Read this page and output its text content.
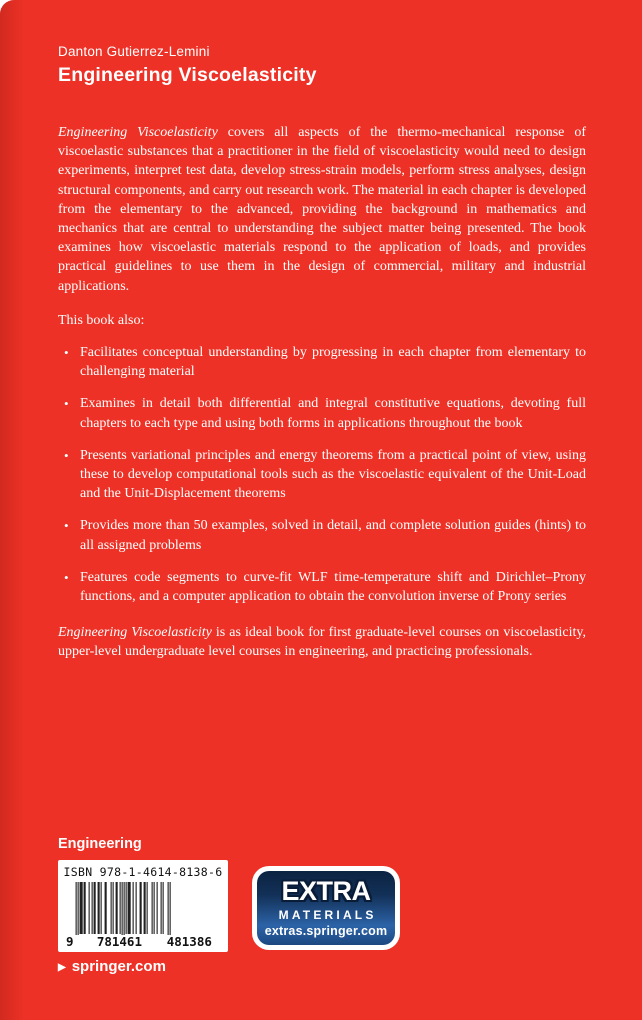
Danton Gutierrez-Lemini
Engineering Viscoelasticity

Engineering Viscoelasticity covers all aspects of the thermo-mechanical response of viscoelastic substances that a practitioner in the field of viscoelasticity would need to design experiments, interpret test data, develop stress-strain models, perform stress analyses, design structural components, and carry out research work. The material in each chapter is developed from the elementary to the advanced, providing the background in mathematics and mechanics that are central to understanding the subject matter being presented. The book examines how viscoelastic materials respond to the application of loads, and provides practical guidelines to use them in the design of commercial, military and industrial applications.

This book also:

• Facilitates conceptual understanding by progressing in each chapter from elementary to challenging material
• Examines in detail both differential and integral constitutive equations, devoting full chapters to each type and using both forms in applications throughout the book
• Presents variational principles and energy theorems from a practical point of view, using these to develop computational tools such as the viscoelastic equivalent of the Unit-Load and the Unit-Displacement theorems
• Provides more than 50 examples, solved in detail, and complete solution guides (hints) to all assigned problems
• Features code segments to curve-fit WLF time-temperature shift and Dirichlet–Prony functions, and a computer application to obtain the convolution inverse of Prony series

Engineering Viscoelasticity is as ideal book for first graduate-level courses on viscoelasticity, upper-level undergraduate level courses in engineering, and practicing professionals.

Engineering
ISBN 978-1-4614-8138-6
9	781461	481386
EXTRA
MATERIALS
extras.springer.com
▶ springer.com
